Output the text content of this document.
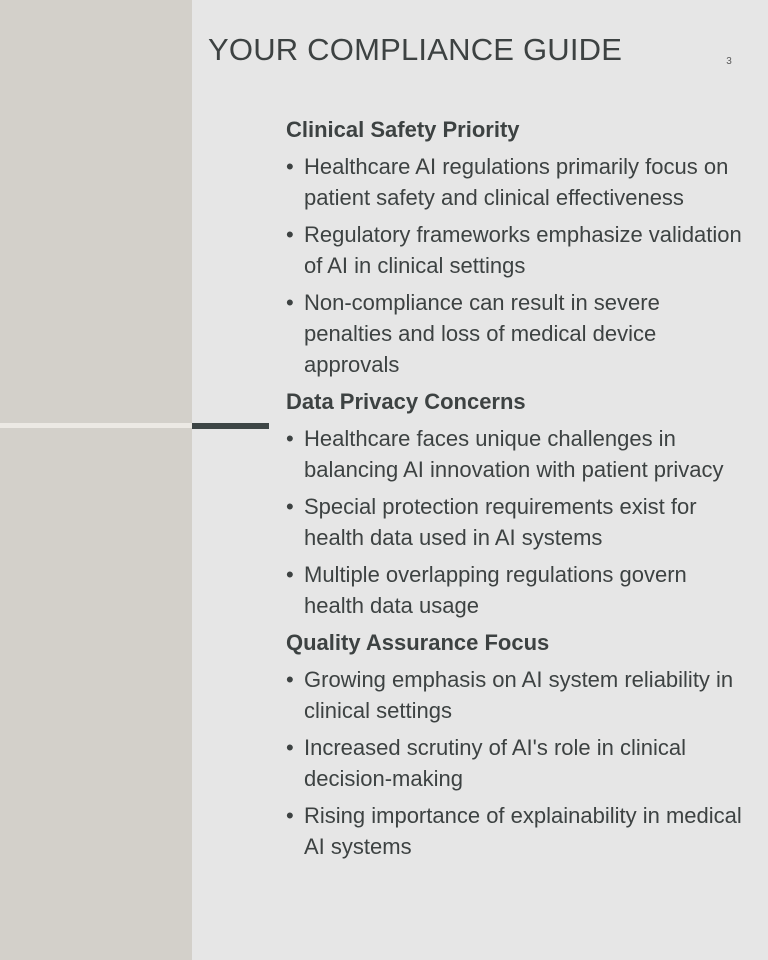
YOUR COMPLIANCE GUIDE	3
Clinical Safety Priority
• Healthcare AI regulations primarily focus on patient safety and clinical effectiveness
• Regulatory frameworks emphasize validation of AI in clinical settings
• Non-compliance can result in severe penalties and loss of medical device approvals
Data Privacy Concerns
• Healthcare faces unique challenges in balancing AI innovation with patient privacy
• Special protection requirements exist for health data used in AI systems
• Multiple overlapping regulations govern health data usage
Quality Assurance Focus
• Growing emphasis on AI system reliability in clinical settings
• Increased scrutiny of AI's role in clinical decision-making
• Rising importance of explainability in medical AI systems
